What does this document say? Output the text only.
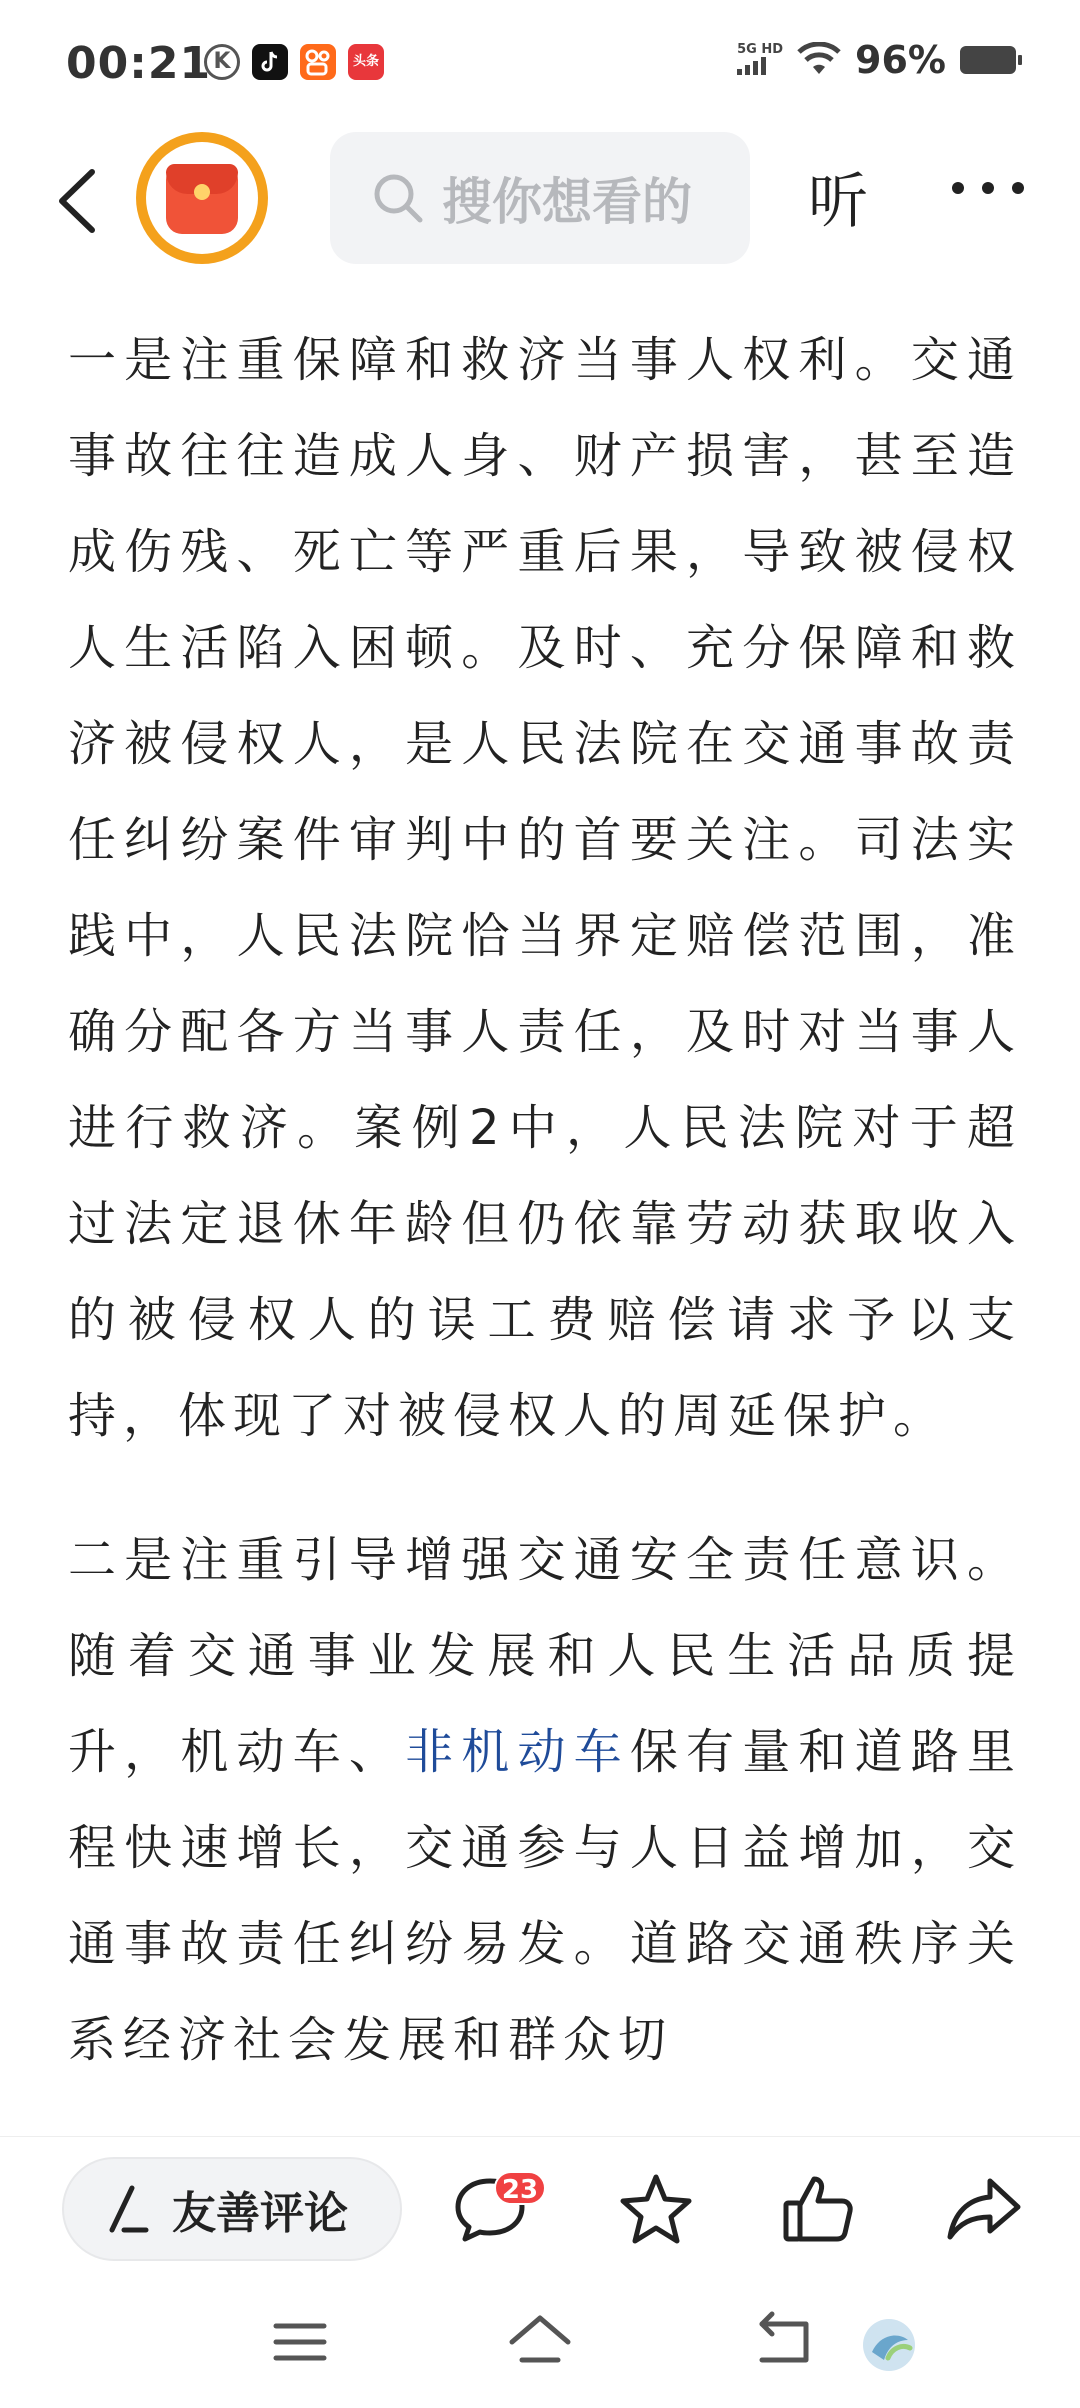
00:21 K	头条
5G HD 96%
搜你想看的 听

一是注重保障和救济当事人权利。交通事故往往造成人身、财产损害，甚至造成伤残、死亡等严重后果，导致被侵权人生活陷入困顿。及时、充分保障和救济被侵权人，是人民法院在交通事故责任纠纷案件审判中的首要关注。司法实践中，人民法院恰当界定赔偿范围，准确分配各方当事人责任，及时对当事人进行救济。案例2中，人民法院对于超过法定退休年龄但仍依靠劳动获取收入的被侵权人的误工费赔偿请求予以支持，体现了对被侵权人的周延保护。

二是注重引导增强交通安全责任意识。随着交通事业发展和人民生活品质提升，机动车、非机动车保有量和道路里程快速增长，交通参与人日益增加，交通事故责任纠纷易发。道路交通秩序关系经济社会发展和群众切

友善评论	23
